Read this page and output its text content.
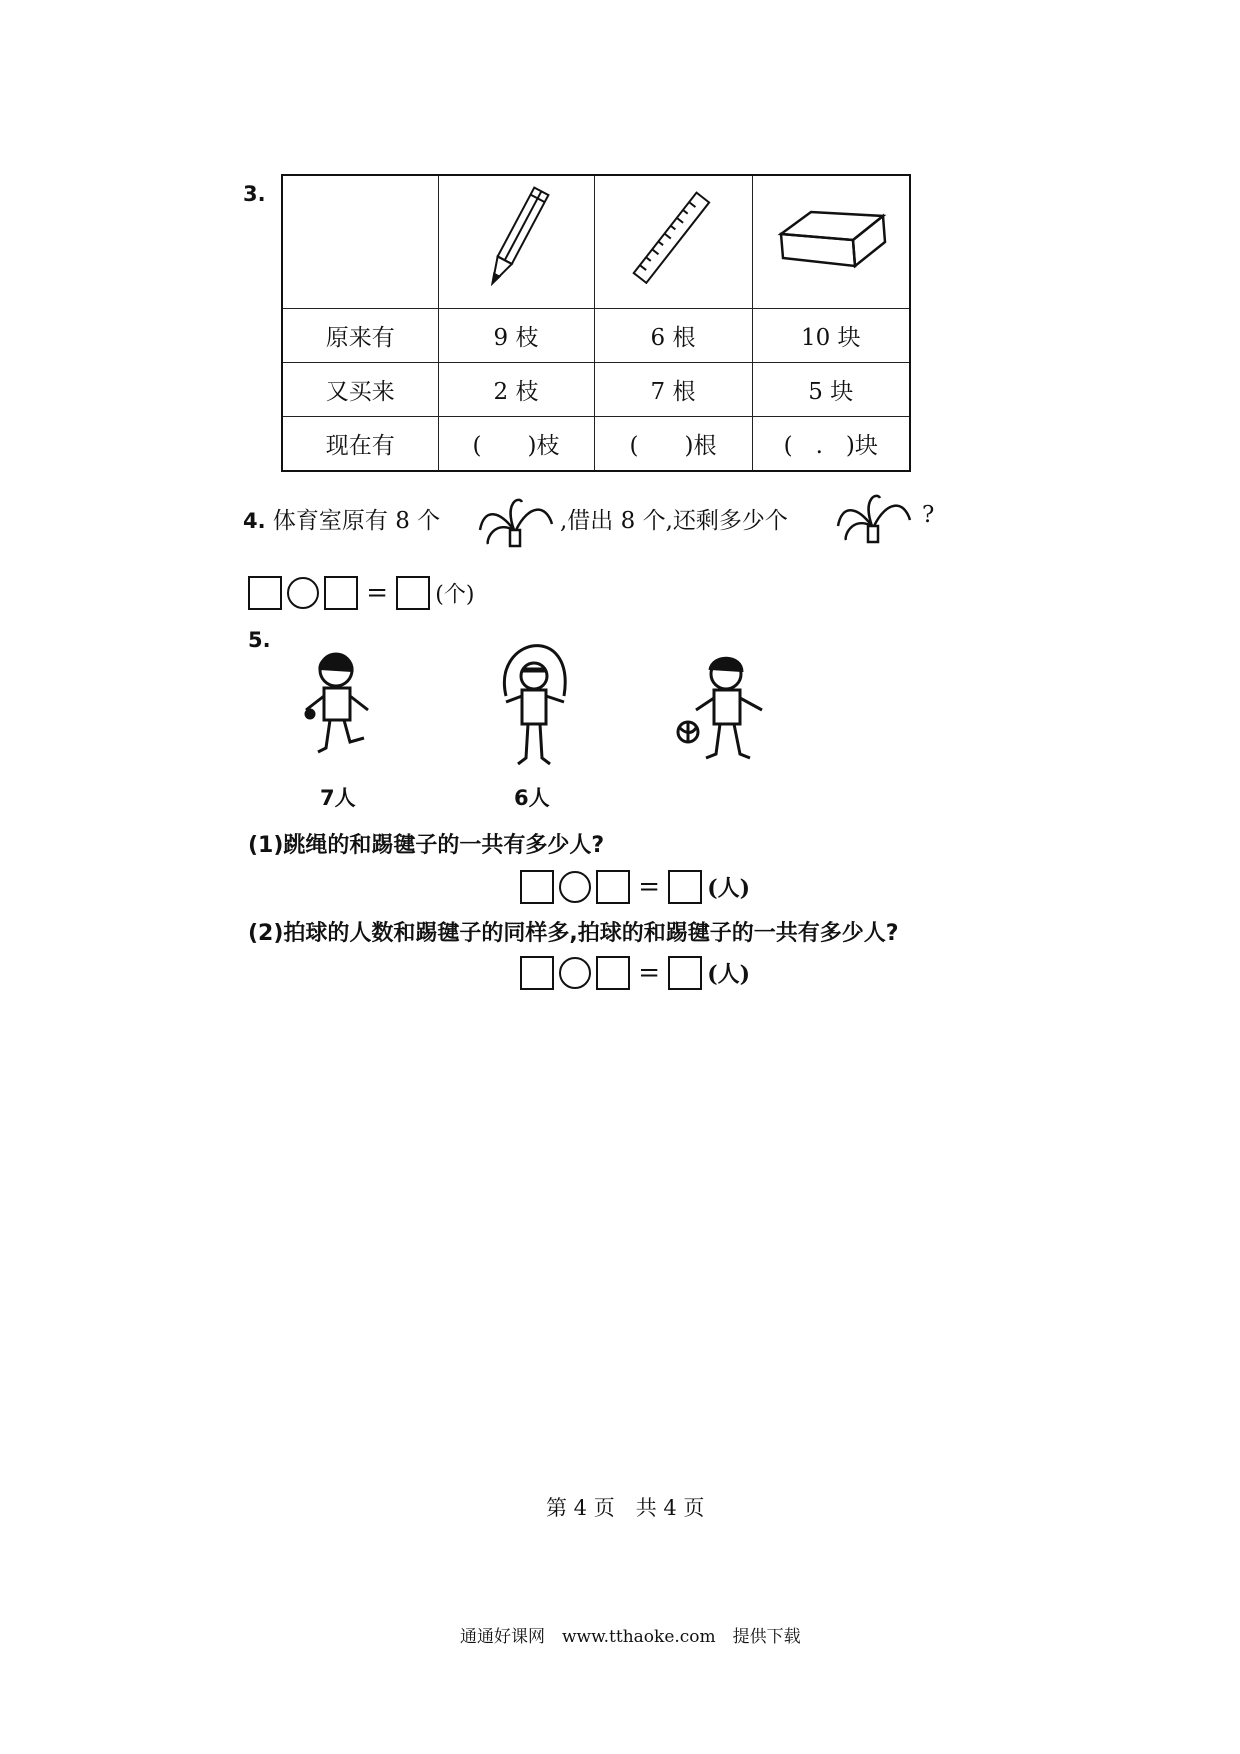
3.

原来有	9 枝	6 根	10 块
又买来	2 枝	7 根	5 块
现在有	(　　)枝	(　　)根	(　.　)块
4. 体育室原有 8 个	,借出 8 个,还剩多少个	?
= (个)
5.
7人	6人
(1)跳绳的和踢毽子的一共有多少人?
= (人)
(2)拍球的人数和踢毽子的同样多,拍球的和踢毽子的一共有多少人?
= (人)
第 4 页　共 4 页
通通好课网　www.tthaoke.com　提供下载
